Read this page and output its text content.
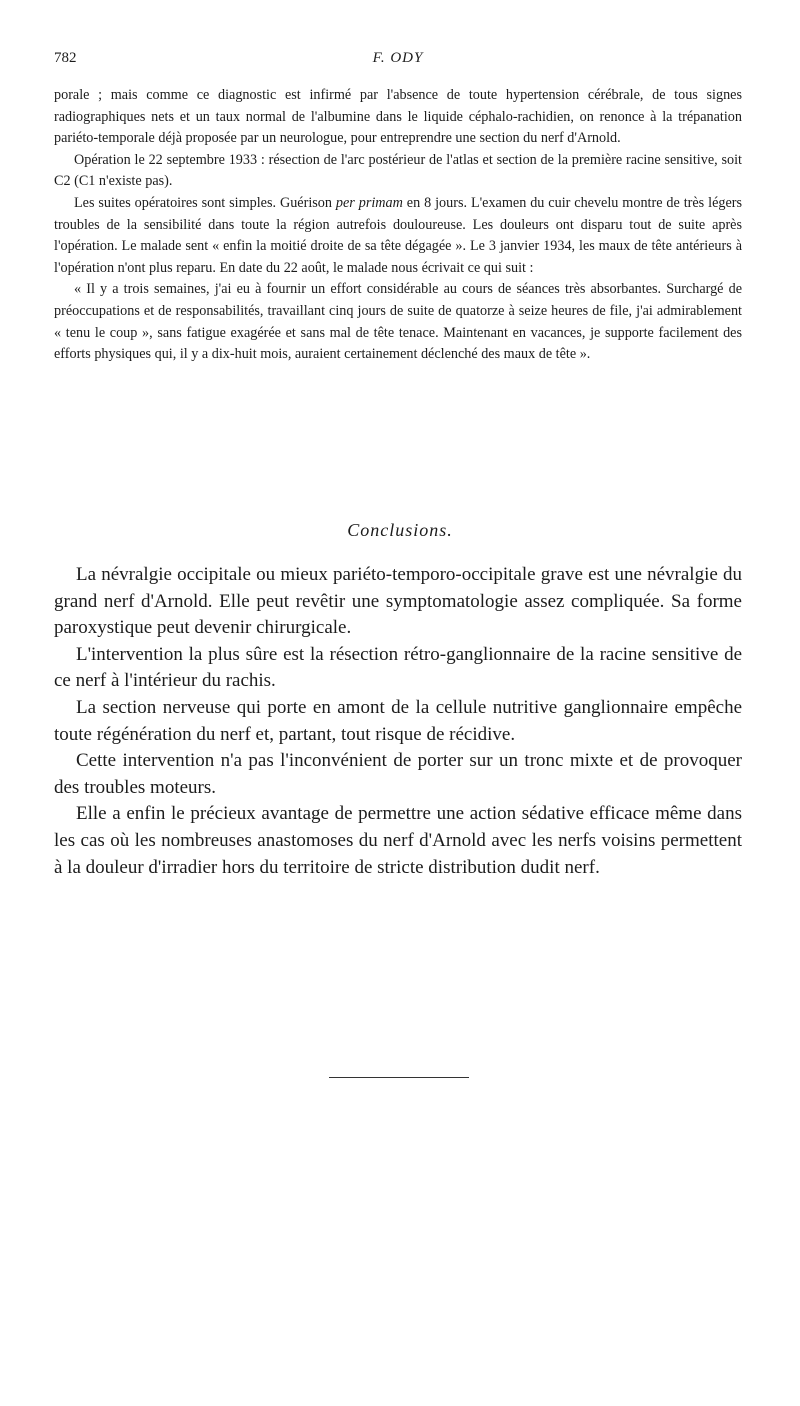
782	F. ODY

porale ; mais comme ce diagnostic est infirmé par l'absence de toute hypertension cérébrale, de tous signes radiographiques nets et un taux normal de l'albumine dans le liquide céphalo-rachidien, on renonce à la trépanation pariéto-temporale déjà proposée par un neurologue, pour entreprendre une section du nerf d'Arnold.

Opération le 22 septembre 1933 : résection de l'arc postérieur de l'atlas et section de la première racine sensitive, soit C2 (C1 n'existe pas).

Les suites opératoires sont simples. Guérison per primam en 8 jours. L'examen du cuir chevelu montre de très légers troubles de la sensibilité dans toute la région autrefois douloureuse. Les douleurs ont disparu tout de suite après l'opération. Le malade sent « enfin la moitié droite de sa tête dégagée ». Le 3 janvier 1934, les maux de tête antérieurs à l'opération n'ont plus reparu. En date du 22 août, le malade nous écrivait ce qui suit :

« Il y a trois semaines, j'ai eu à fournir un effort considérable au cours de séances très absorbantes. Surchargé de préoccupations et de responsabilités, travaillant cinq jours de suite de quatorze à seize heures de file, j'ai admirablement « tenu le coup », sans fatigue exagérée et sans mal de tête tenace. Maintenant en vacances, je supporte facilement des efforts physiques qui, il y a dix-huit mois, auraient certainement déclenché des maux de tête ».

Conclusions.

La névralgie occipitale ou mieux pariéto-temporo-occipitale grave est une névralgie du grand nerf d'Arnold. Elle peut revêtir une symptomatologie assez compliquée. Sa forme paroxystique peut devenir chirurgicale.

L'intervention la plus sûre est la résection rétro-ganglionnaire de la racine sensitive de ce nerf à l'intérieur du rachis.

La section nerveuse qui porte en amont de la cellule nutritive ganglionnaire empêche toute régénération du nerf et, partant, tout risque de récidive.

Cette intervention n'a pas l'inconvénient de porter sur un tronc mixte et de provoquer des troubles moteurs.

Elle a enfin le précieux avantage de permettre une action sédative efficace même dans les cas où les nombreuses anastomoses du nerf d'Arnold avec les nerfs voisins permettent à la douleur d'irradier hors du territoire de stricte distribution dudit nerf.
